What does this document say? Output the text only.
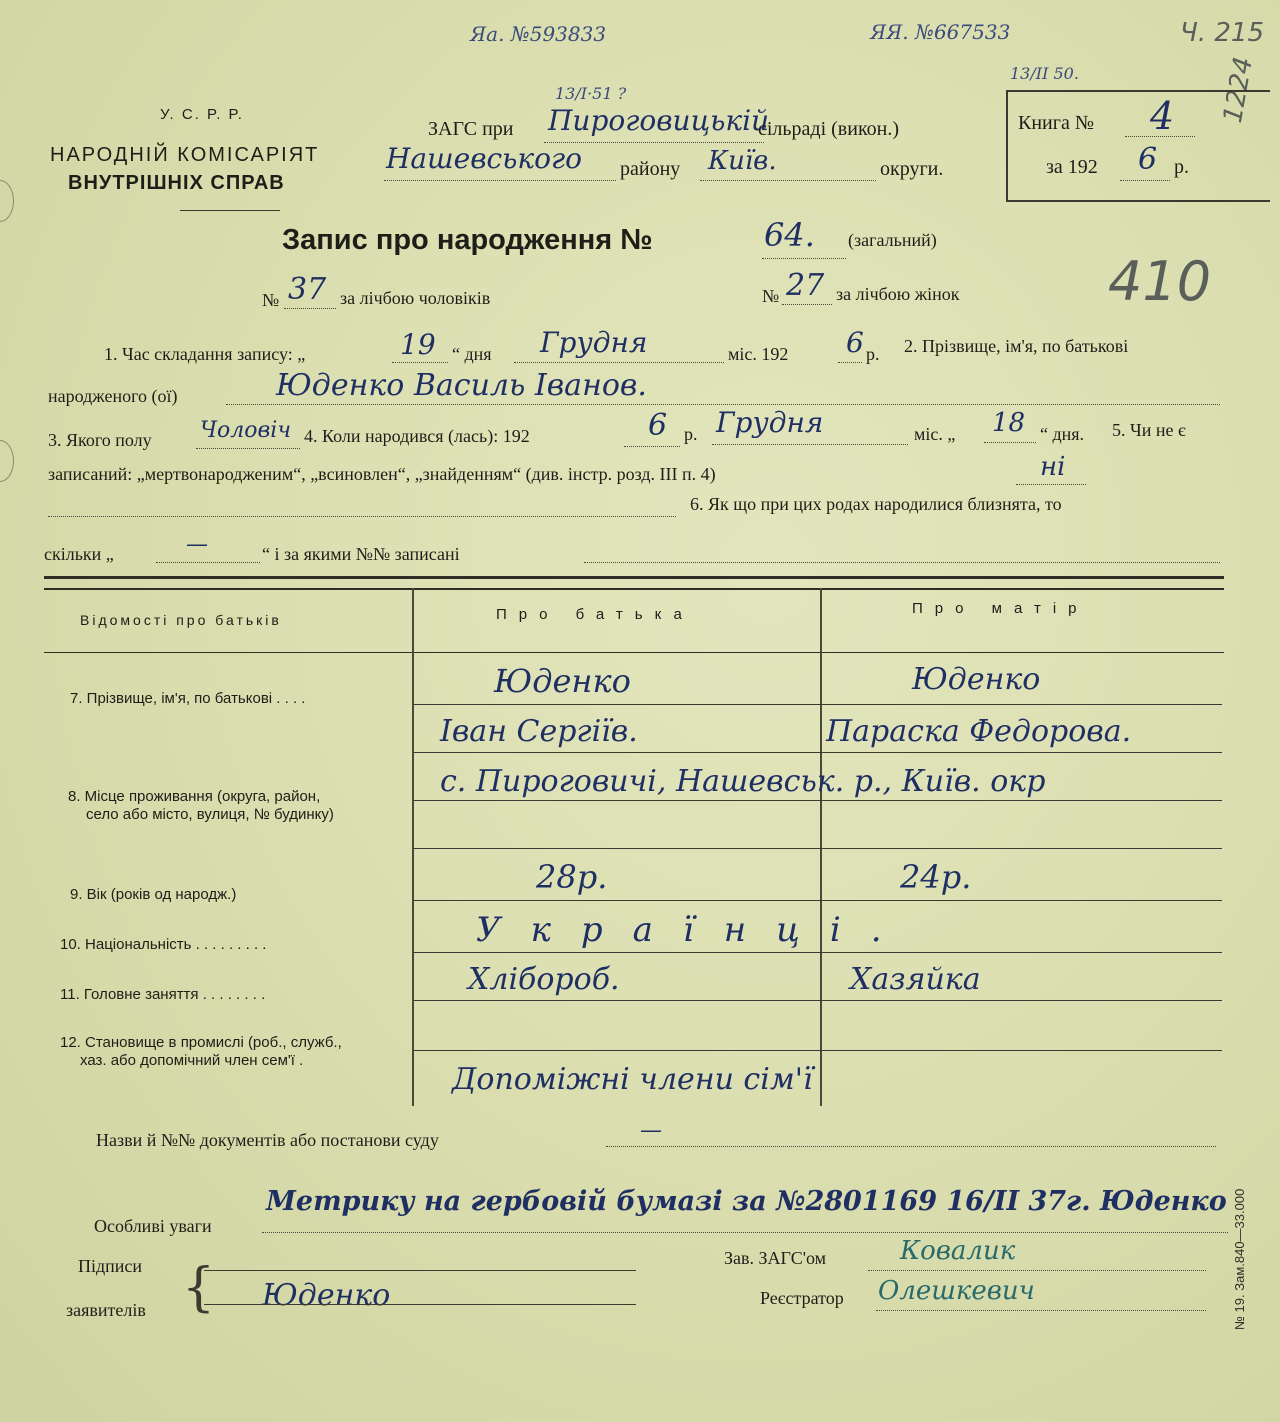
Яа. №593833
13/І·51 ?
ЯЯ. №667533
13/ІІ 50.
Ч. 215
1224
410
У. С. Р. Р.
НАРОДНІЙ КОМІСАРІЯТ
ВНУТРІШНІХ СПРАВ
ЗАГС при Пироговицькій
сільраді (викон.)
Нашевського району Київ.	округи.
Книга № 4
за 192 6 р.
Запис про народження №	64. (загальний)
№ 37 за лічбою чоловіків	№ 27 за лічбою жінок
1. Час складання запису: „	19 “ дня Грудня	міс. 192 6 р. 2. Прізвище, ім'я, по батькові
народженого (ої)	Юденко Василь Іванов.
3. Якого полу Чоловіч 4. Коли народився (лась): 192	6 р. Грудня	міс. „ 18 “ дня. 5. Чи не є
записаний: „мертвонародженим“, „всиновлен“, „знайденням“ (див. інстр. розд. III п. 4)	ні
6. Як що при цих родах народилися близнята, то
скільки „	—	“ і за якими №№ записані
Відомості про батьків	Про батька	Про матір
7. Прізвище, ім'я, по батькові . . . .	Юденко	Юденко
Іван Сергіїв.	Параска Федорова.
8. Місце проживання (округа, район,
село або місто, вулиця, № будинку)
с. Пироговичі, Нашевськ. р., Київ. окр
9. Вік (років од народж.)	28р.	24р.
10. Національність . . . . . . . . .	Українці.
11. Головне заняття . . . . . . . .	Хлібороб.	Хазяйка
12. Становище в промислі (роб., служб.,
хаз. або допомічний член сем'ї .
Допоміжні члени сім'ї
Назви й №№ документів або постанови суду	—
Особливі уваги
Метрику на гербовій бумазі за №2801169 16/ІІ 37г. Юденко
Зав. ЗАГС'ом	Ковалик
Підписи
заявителів { Юденко	Реєстратор Олешкевич	№ 19. Зам.840—33.000
